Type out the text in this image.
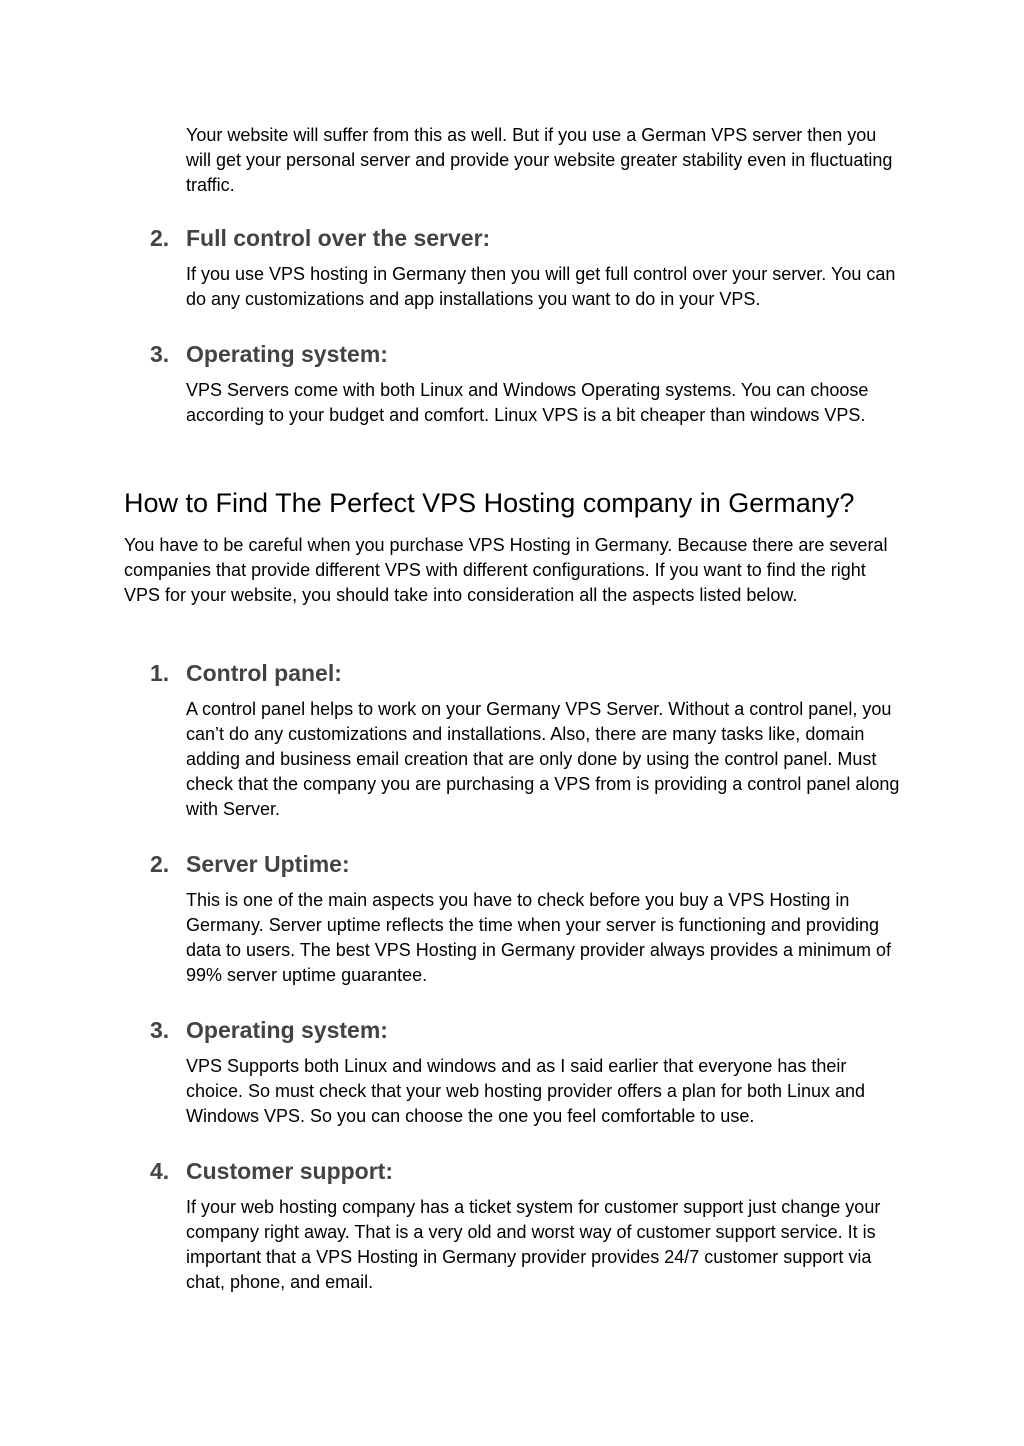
Your website will suffer from this as well. But if you use a German VPS server then you will get your personal server and provide your website greater stability even in fluctuating traffic.

2. Full control over the server:

If you use VPS hosting in Germany then you will get full control over your server. You can do any customizations and app installations you want to do in your VPS.

3. Operating system:

VPS Servers come with both Linux and Windows Operating systems. You can choose according to your budget and comfort. Linux VPS is a bit cheaper than windows VPS.

How to Find The Perfect VPS Hosting company in Germany?

You have to be careful when you purchase VPS Hosting in Germany. Because there are several companies that provide different VPS with different configurations. If you want to find the right VPS for your website, you should take into consideration all the aspects listed below.

1. Control panel:

A control panel helps to work on your Germany VPS Server. Without a control panel, you can’t do any customizations and installations. Also, there are many tasks like, domain adding and business email creation that are only done by using the control panel. Must check that the company you are purchasing a VPS from is providing a control panel along with Server.

2. Server Uptime:

This is one of the main aspects you have to check before you buy a VPS Hosting in Germany. Server uptime reflects the time when your server is functioning and providing data to users. The best VPS Hosting in Germany provider always provides a minimum of 99% server uptime guarantee.

3. Operating system:

VPS Supports both Linux and windows and as I said earlier that everyone has their choice. So must check that your web hosting provider offers a plan for both Linux and Windows VPS. So you can choose the one you feel comfortable to use.

4. Customer support:

If your web hosting company has a ticket system for customer support just change your company right away. That is a very old and worst way of customer support service. It is important that a VPS Hosting in Germany provider provides 24/7 customer support via chat, phone, and email.
